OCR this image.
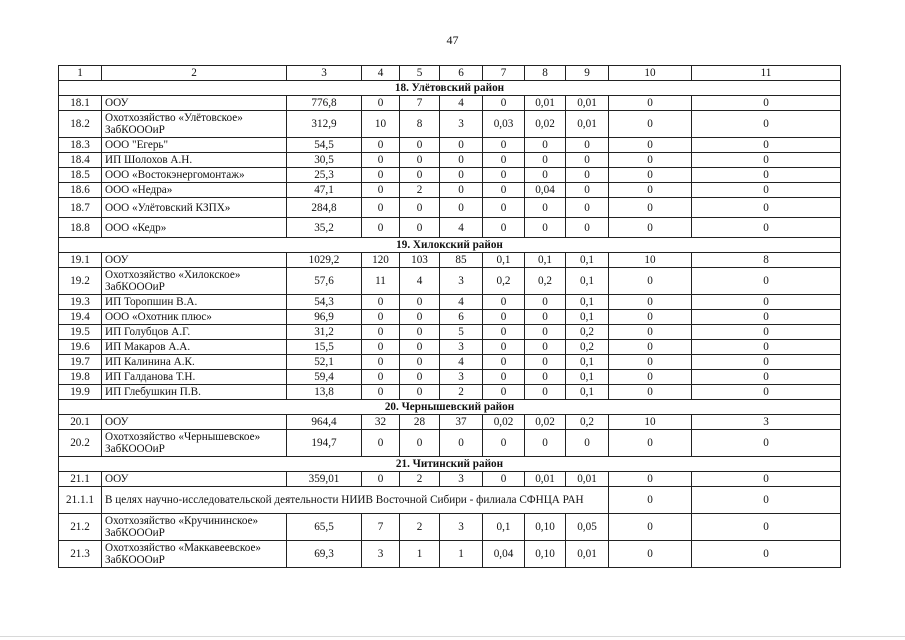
47
1	2	3	4	5	6	7	8	9	10	11
18. Улётовский район										
18.1	ООУ	776,8	0	7	4	0	0,01	0,01	0	0
18.2	Охотхозяйство «Улётовское» ЗабКОООиР	312,9	10	8	3	0,03	0,02	0,01	0	0
18.3	ООО "Егерь"	54,5	0	0	0	0	0	0	0	0
18.4	ИП Шолохов А.Н.	30,5	0	0	0	0	0	0	0	0
18.5	ООО «Востокэнергомонтаж»	25,3	0	0	0	0	0	0	0	0
18.6	ООО «Недра»	47,1	0	2	0	0	0,04	0	0	0
18.7	ООО «Улётовский КЗПХ»	284,8	0	0	0	0	0	0	0	0
18.8	ООО «Кедр»	35,2	0	0	4	0	0	0	0	0
19. Хилокский район										
19.1	ООУ	1029,2	120	103	85	0,1	0,1	0,1	10	8
19.2	Охотхозяйство «Хилокское» ЗабКОООиР	57,6	11	4	3	0,2	0,2	0,1	0	0
19.3	ИП Торопшин В.А.	54,3	0	0	4	0	0	0,1	0	0
19.4	ООО «Охотник плюс»	96,9	0	0	6	0	0	0,1	0	0
19.5	ИП Голубцов А.Г.	31,2	0	0	5	0	0	0,2	0	0
19.6	ИП Макаров А.А.	15,5	0	0	3	0	0	0,2	0	0
19.7	ИП Калинина А.К.	52,1	0	0	4	0	0	0,1	0	0
19.8	ИП Галданова Т.Н.	59,4	0	0	3	0	0	0,1	0	0
19.9	ИП Глебушкин П.В.	13,8	0	0	2	0	0	0,1	0	0
20. Чернышевский район										
20.1	ООУ	964,4	32	28	37	0,02	0,02	0,2	10	3
20.2	Охотхозяйство «Чернышевское» ЗабКОООиР	194,7	0	0	0	0	0	0	0	0
21. Читинский район										
21.1	ООУ	359,01	0	2	3	0	0,01	0,01	0	0
21.1.1	В целях научно-исследовательской деятельности НИИВ Восточной Сибири - филиала СФНЦА РАН								0	0
21.2	Охотхозяйство «Кручининское» ЗабКОООиР	65,5	7	2	3	0,1	0,10	0,05	0	0
21.3	Охотхозяйство «Маккавеевское» ЗабКОООиР	69,3	3	1	1	0,04	0,10	0,01	0	0
